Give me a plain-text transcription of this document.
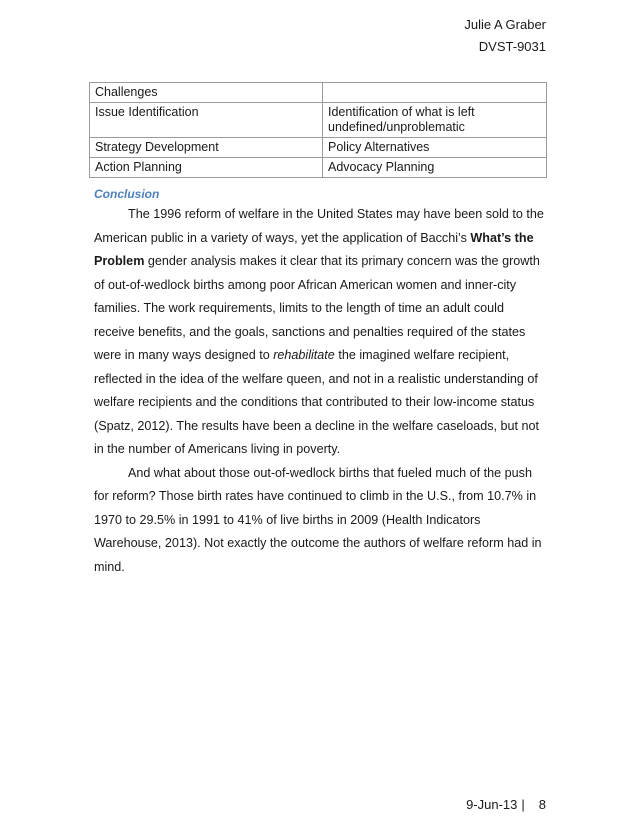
Julie A Graber
DVST-9031
Challenges	
Issue Identification	Identification of what is left undefined/unproblematic
Strategy Development	Policy Alternatives
Action Planning	Advocacy Planning
Conclusion

The 1996 reform of welfare in the United States may have been sold to the American public in a variety of ways, yet the application of Bacchi’s What’s the Problem gender analysis makes it clear that its primary concern was the growth of out-of-wedlock births among poor African American women and inner-city families. The work requirements, limits to the length of time an adult could receive benefits, and the goals, sanctions and penalties required of the states were in many ways designed to rehabilitate the imagined welfare recipient, reflected in the idea of the welfare queen, and not in a realistic understanding of welfare recipients and the conditions that contributed to their low-income status (Spatz, 2012). The results have been a decline in the welfare caseloads, but not in the number of Americans living in poverty.

And what about those out-of-wedlock births that fueled much of the push for reform? Those birth rates have continued to climb in the U.S., from 10.7% in 1970 to 29.5% in 1991 to 41% of live births in 2009 (Health Indicators Warehouse, 2013). Not exactly the outcome the authors of welfare reform had in mind.

9-Jun-13 | 8
